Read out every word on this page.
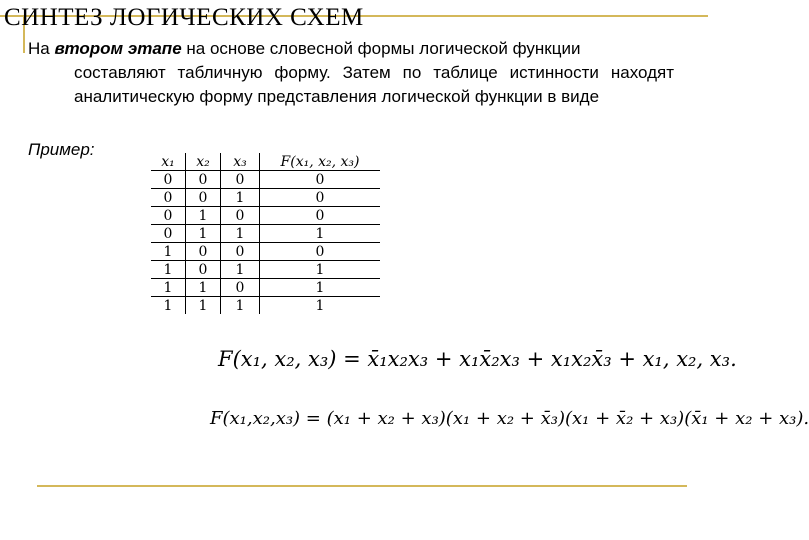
СИНТЕЗ ЛОГИЧЕСКИХ СХЕМ
На втором этапе на основе словесной формы логической функции
составляют табличную форму. Затем по таблице истинности находят аналитическую форму представления логической функции в виде
Пример:
x₁	x₂	x₃	F(x₁, x₂, x₃)
0	0	0	0
0	0	1	0
0	1	0	0
0	1	1	1
1	0	0	0
1	0	1	1
1	1	0	1
1	1	1	1
F(x₁, x₂, x₃) = x̄₁x₂x₃ + x₁x̄₂x₃ + x₁x₂x̄₃ + x₁, x₂, x₃.
F(x₁,x₂,x₃) = (x₁ + x₂ + x₃)(x₁ + x₂ + x̄₃)(x₁ + x̄₂ + x₃)(x̄₁ + x₂ + x₃).
